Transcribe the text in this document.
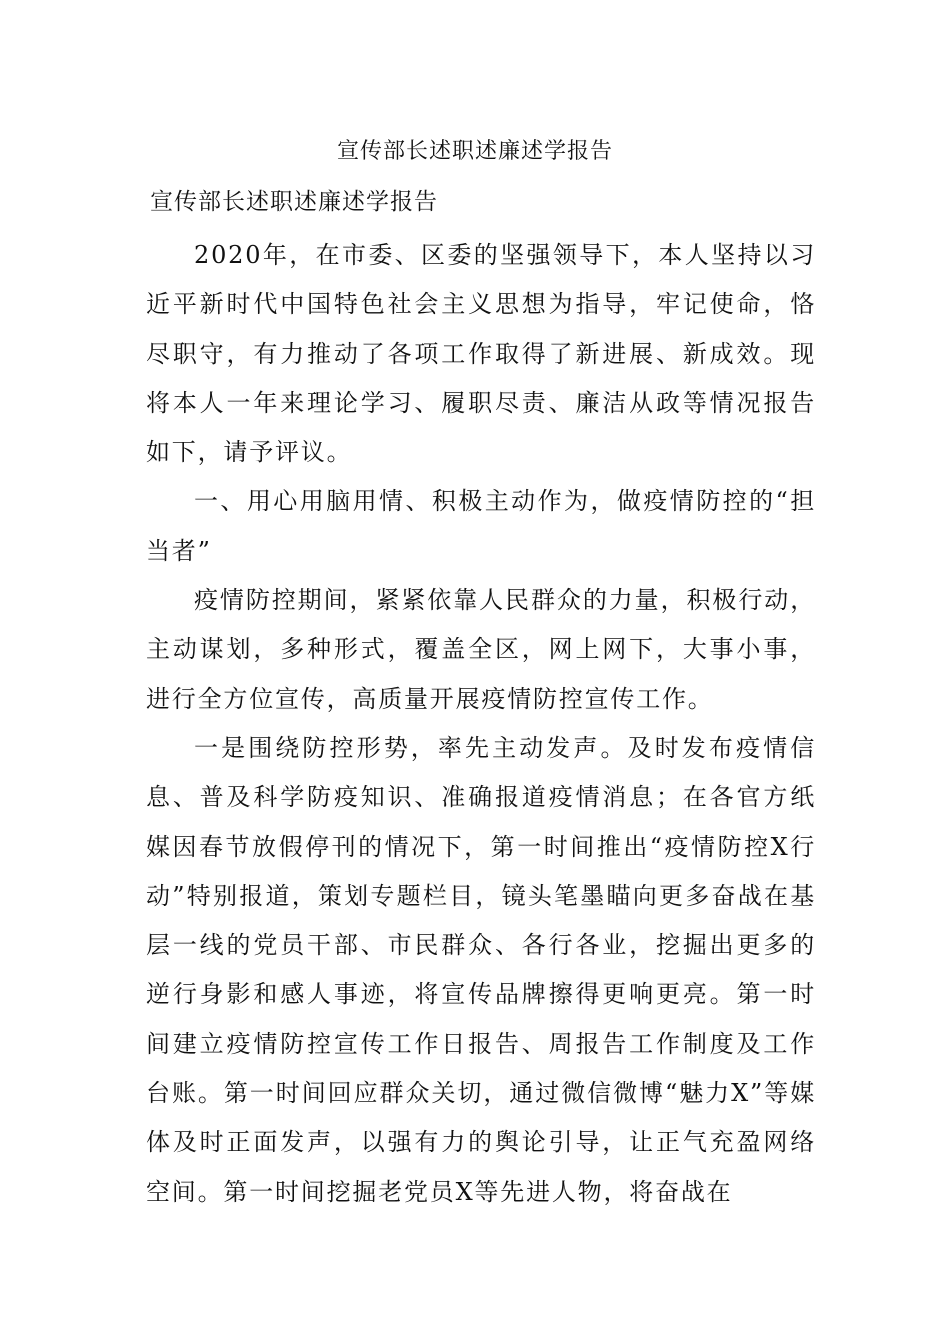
宣传部长述职述廉述学报告
宣传部长述职述廉述学报告

2020年，在市委、区委的坚强领导下，本人坚持以习近平新时代中国特色社会主义思想为指导，牢记使命，恪尽职守，有力推动了各项工作取得了新进展、新成效。现将本人一年来理论学习、履职尽责、廉洁从政等情况报告如下，请予评议。

一、用心用脑用情、积极主动作为，做疫情防控的“担当者”

疫情防控期间，紧紧依靠人民群众的力量，积极行动，主动谋划，多种形式，覆盖全区，网上网下，大事小事，进行全方位宣传，高质量开展疫情防控宣传工作。

一是围绕防控形势，率先主动发声。及时发布疫情信息、普及科学防疫知识、准确报道疫情消息；在各官方纸媒因春节放假停刊的情况下，第一时间推出“疫情防控X行动”特别报道，策划专题栏目，镜头笔墨瞄向更多奋战在基层一线的党员干部、市民群众、各行各业，挖掘出更多的逆行身影和感人事迹，将宣传品牌擦得更响更亮。第一时间建立疫情防控宣传工作日报告、周报告工作制度及工作台账。第一时间回应群众关切，通过微信微博“魅力X”等媒体及时正面发声，以强有力的舆论引导，让正气充盈网络空间。第一时间挖掘老党员X等先进人物，将奋战在
